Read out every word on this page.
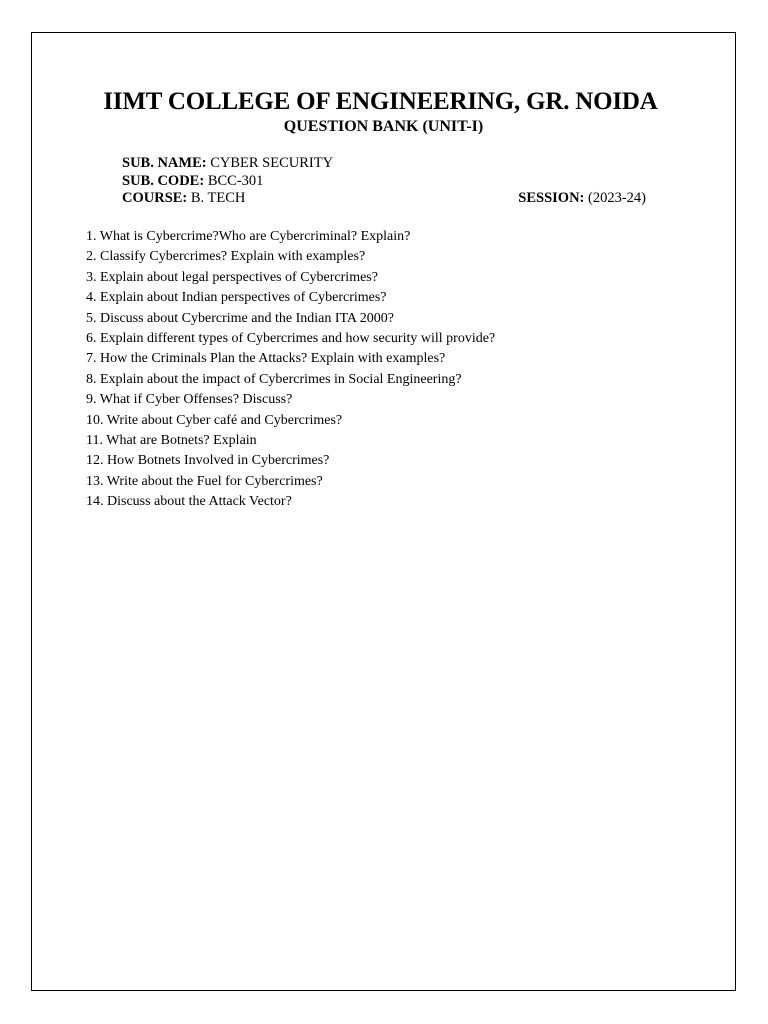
IIMT COLLEGE OF ENGINEERING, GR. NOIDA
QUESTION BANK (UNIT-I)
SUB. NAME: CYBER SECURITY
SUB. CODE: BCC-301
COURSE: B. TECH	SESSION: (2023-24)
1. What is Cybercrime?Who are Cybercriminal? Explain?
2. Classify Cybercrimes? Explain with examples?
3. Explain about legal perspectives of Cybercrimes?
4. Explain about Indian perspectives of Cybercrimes?
5. Discuss about Cybercrime and the Indian ITA 2000?
6. Explain different types of Cybercrimes and how security will provide?
7. How the Criminals Plan the Attacks? Explain with examples?
8. Explain about the impact of Cybercrimes in Social Engineering?
9. What if Cyber Offenses? Discuss?
10. Write about Cyber café and Cybercrimes?
11. What are Botnets? Explain
12. How Botnets Involved in Cybercrimes?
13. Write about the Fuel for Cybercrimes?
14. Discuss about the Attack Vector?
